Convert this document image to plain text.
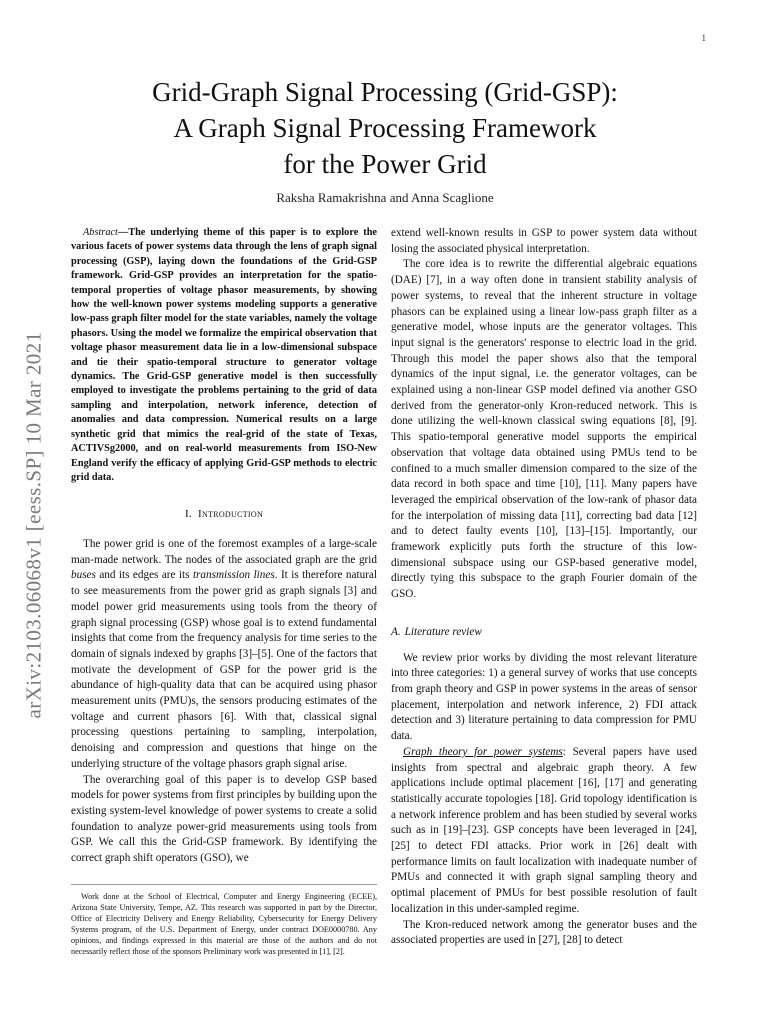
1
arXiv:2103.06068v1 [eess.SP] 10 Mar 2021
Grid-Graph Signal Processing (Grid-GSP):
A Graph Signal Processing Framework
for the Power Grid
Raksha Ramakrishna and Anna Scaglione

Abstract—The underlying theme of this paper is to explore the various facets of power systems data through the lens of graph signal processing (GSP), laying down the foundations of the Grid-GSP framework. Grid-GSP provides an interpretation for the spatio-temporal properties of voltage phasor measurements, by showing how the well-known power systems modeling supports a generative low-pass graph filter model for the state variables, namely the voltage phasors. Using the model we formalize the empirical observation that voltage phasor measurement data lie in a low-dimensional subspace and tie their spatio-temporal structure to generator voltage dynamics. The Grid-GSP generative model is then successfully employed to investigate the problems pertaining to the grid of data sampling and interpolation, network inference, detection of anomalies and data compression. Numerical results on a large synthetic grid that mimics the real-grid of the state of Texas, ACTIVSg2000, and on real-world measurements from ISO-New England verify the efficacy of applying Grid-GSP methods to electric grid data.

I. Introduction

The power grid is one of the foremost examples of a large-scale man-made network. The nodes of the associated graph are the grid buses and its edges are its transmission lines. It is therefore natural to see measurements from the power grid as graph signals [3] and model power grid measurements using tools from the theory of graph signal processing (GSP) whose goal is to extend fundamental insights that come from the frequency analysis for time series to the domain of signals indexed by graphs [3]–[5]. One of the factors that motivate the development of GSP for the power grid is the abundance of high-quality data that can be acquired using phasor measurement units (PMU)s, the sensors producing estimates of the voltage and current phasors [6]. With that, classical signal processing questions pertaining to sampling, interpolation, denoising and compression and questions that hinge on the underlying structure of the voltage phasors graph signal arise.

The overarching goal of this paper is to develop GSP based models for power systems from first principles by building upon the existing system-level knowledge of power systems to create a solid foundation to analyze power-grid measurements using tools from GSP. We call this the Grid-GSP framework. By identifying the correct graph shift operators (GSO), we

extend well-known results in GSP to power system data without losing the associated physical interpretation.

The core idea is to rewrite the differential algebraic equations (DAE) [7], in a way often done in transient stability analysis of power systems, to reveal that the inherent structure in voltage phasors can be explained using a linear low-pass graph filter as a generative model, whose inputs are the generator voltages. This input signal is the generators' response to electric load in the grid. Through this model the paper shows also that the temporal dynamics of the input signal, i.e. the generator voltages, can be explained using a non-linear GSP model defined via another GSO derived from the generator-only Kron-reduced network. This is done utilizing the well-known classical swing equations [8], [9]. This spatio-temporal generative model supports the empirical observation that voltage data obtained using PMUs tend to be confined to a much smaller dimension compared to the size of the data record in both space and time [10], [11]. Many papers have leveraged the empirical observation of the low-rank of phasor data for the interpolation of missing data [11], correcting bad data [12] and to detect faulty events [10], [13]–[15]. Importantly, our framework explicitly puts forth the structure of this low-dimensional subspace using our GSP-based generative model, directly tying this subspace to the graph Fourier domain of the GSO.

A. Literature review

We review prior works by dividing the most relevant literature into three categories: 1) a general survey of works that use concepts from graph theory and GSP in power systems in the areas of sensor placement, interpolation and network inference, 2) FDI attack detection and 3) literature pertaining to data compression for PMU data.

Graph theory for power systems: Several papers have used insights from spectral and algebraic graph theory. A few applications include optimal placement [16], [17] and generating statistically accurate topologies [18]. Grid topology identification is a network inference problem and has been studied by several works such as in [19]–[23]. GSP concepts have been leveraged in [24], [25] to detect FDI attacks. Prior work in [26] dealt with performance limits on fault localization with inadequate number of PMUs and connected it with graph signal sampling theory and optimal placement of PMUs for best possible resolution of fault localization in this under-sampled regime.

The Kron-reduced network among the generator buses and the associated properties are used in [27], [28] to detect

Work done at the School of Electrical, Computer and Energy Engineering (ECEE), Arizona State University, Tempe, AZ. This research was supported in part by the Director, Office of Electricity Delivery and Energy Reliability, Cybersecurity for Energy Delivery Systems program, of the U.S. Department of Energy, under contract DOE0000780. Any opinions, and findings expressed in this material are those of the authors and do not necessarily reflect those of the sponsors Preliminary work was presented in [1], [2].
